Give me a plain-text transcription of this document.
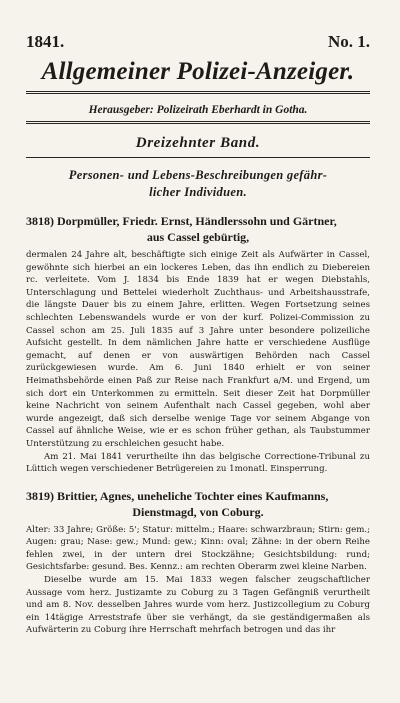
1841.	No. 1.
Allgemeiner Polizei-Anzeiger.
Herausgeber: Polizeirath Eberhardt in Gotha.
Dreizehnter Band.
Personen- und Lebens-Beschreibungen gefähr-
licher Individuen.
3818) Dorpmüller, Friedr. Ernst, Händlerssohn und Gärtner,
aus Cassel gebürtig,

dermalen 24 Jahre alt, beschäftigte sich einige Zeit als Aufwärter in Cassel, gewöhnte sich hierbei an ein lockeres Leben, das ihn endlich zu Diebereien rc. verleitete. Vom J. 1834 bis Ende 1839 hat er wegen Diebstahls, Unterschlagung und Bettelei wiederholt Zuchthaus- und Arbeitshausstrafe, die längste Dauer bis zu einem Jahre, erlitten. Wegen Fortsetzung seines schlechten Lebenswandels wurde er von der kurf. Polizei-Commission zu Cassel schon am 25. Juli 1835 auf 3 Jahre unter besondere polizeiliche Aufsicht gestellt. In dem nämlichen Jahre hatte er verschiedene Ausflüge gemacht, auf denen er von auswärtigen Behörden nach Cassel zurückgewiesen wurde. Am 6. Juni 1840 erhielt er von seiner Heimathsbehörde einen Paß zur Reise nach Frankfurt a/M. und Ergend, um sich dort ein Unterkommen zu ermitteln. Seit dieser Zeit hat Dorpmüller keine Nachricht von seinem Aufenthalt nach Cassel gegeben, wohl aber wurde angezeigt, daß sich derselbe wenige Tage vor seinem Abgange von Cassel auf ähnliche Weise, wie er es schon früher gethan, als Taubstummer Unterstützung zu erschleichen gesucht habe.

Am 21. Mai 1841 verurtheilte ihn das belgische Correctione-Tribunal zu Lüttich wegen verschiedener Betrügereien zu 1monatl. Einsperrung.

3819) Brittier, Agnes, uneheliche Tochter eines Kaufmanns,
Dienstmagd, von Coburg.

Alter: 33 Jahre; Größe: 5'; Statur: mittelm.; Haare: schwarzbraun; Stirn: gem.; Augen: grau; Nase: gew.; Mund: gew.; Kinn: oval; Zähne: in der obern Reihe fehlen zwei, in der untern drei Stockzähne; Gesichtsbildung: rund; Gesichtsfarbe: gesund. Bes. Kennz.: am rechten Oberarm zwei kleine Narben.

Dieselbe wurde am 15. Mai 1833 wegen falscher zeugschaftlicher Aussage vom herz. Justizamte zu Coburg zu 3 Tagen Gefängniß verurtheilt und am 8. Nov. desselben Jahres wurde vom herz. Justizcollegium zu Coburg ein 14tägige Arreststrafe über sie verhängt, da sie geständigermaßen als Aufwärterin zu Coburg ihre Herrschaft mehrfach betrogen und das ihr
